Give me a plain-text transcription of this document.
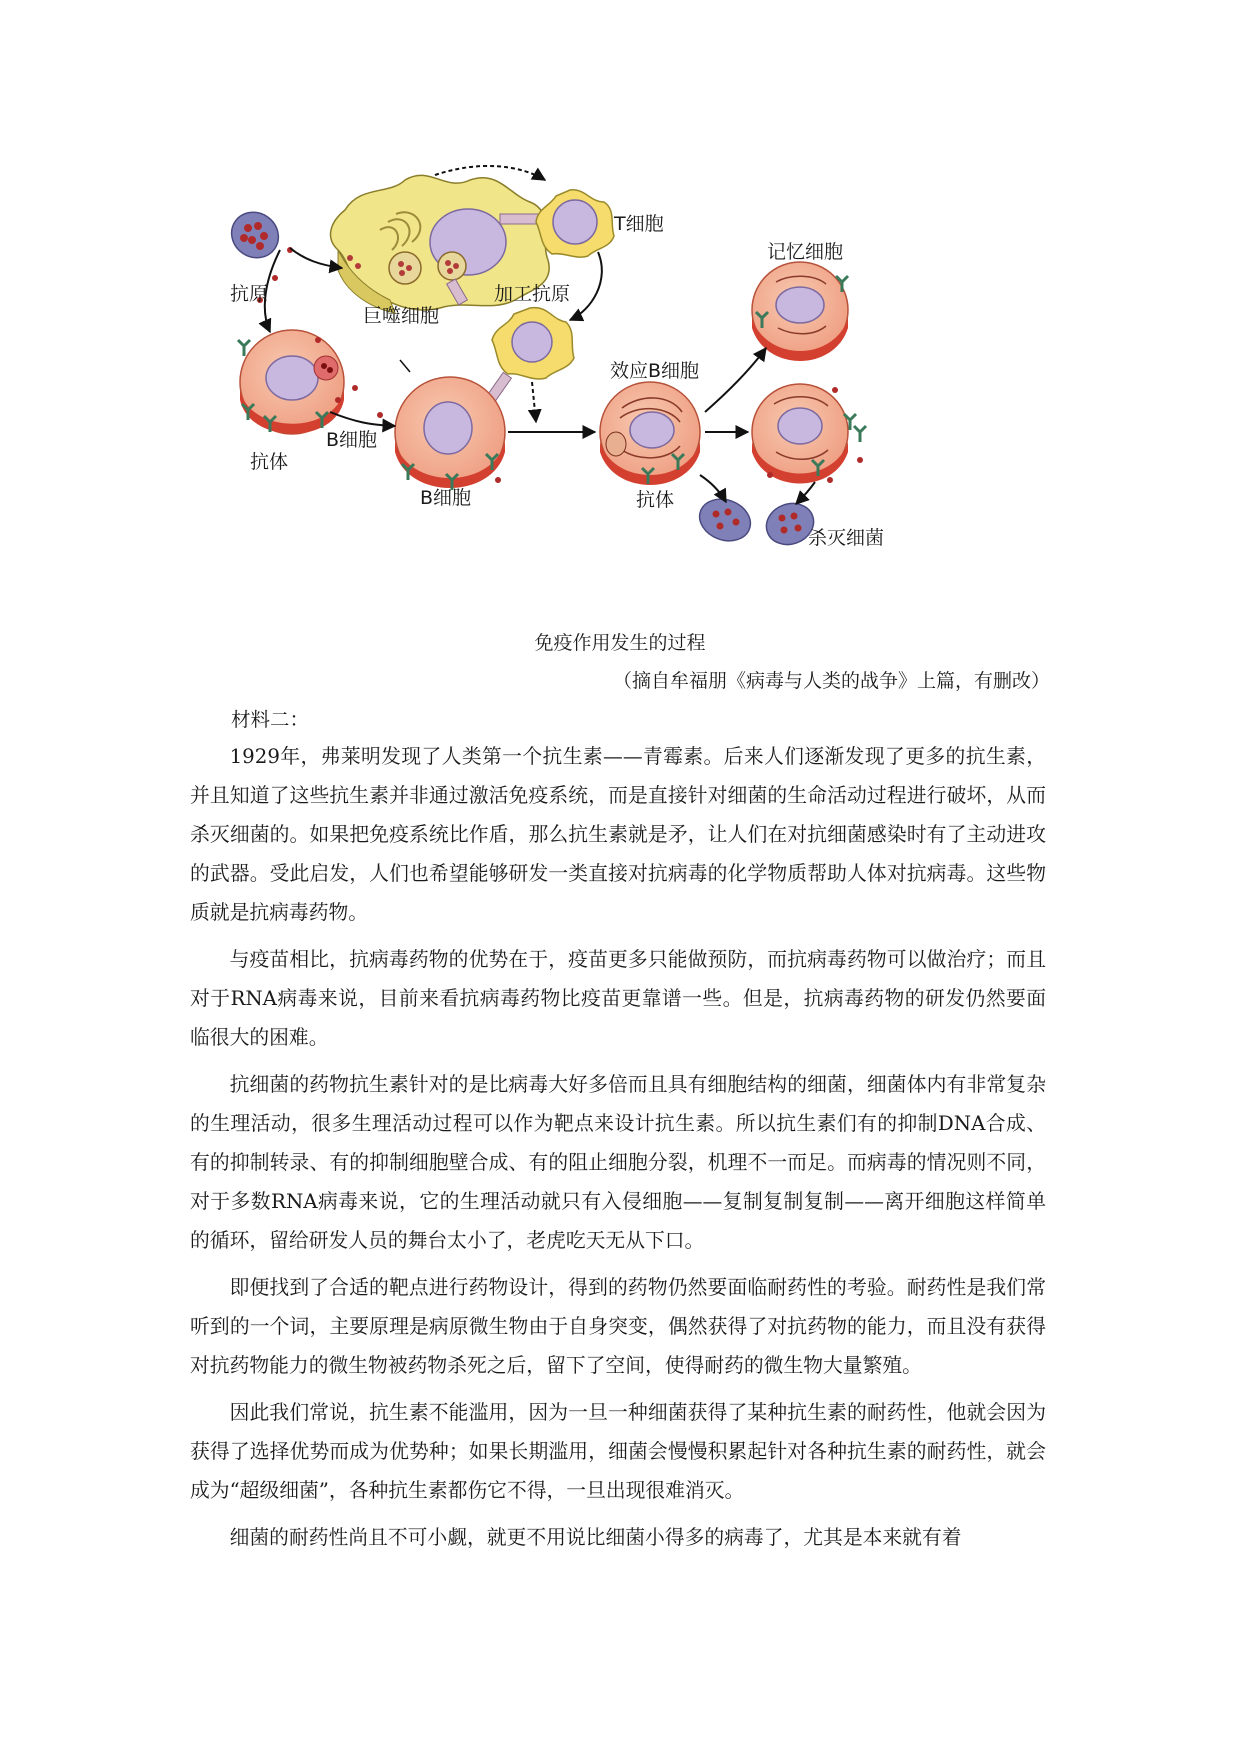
T细胞
抗原	加工抗原
巨噬细胞
记忆细胞
效应B细胞
B细胞
抗体
B细胞	抗体
杀灭细菌
免疫作用发生的过程
（摘自牟福朋《病毒与人类的战争》上篇，有删改）
材料二：

1929年，弗莱明发现了人类第一个抗生素——青霉素。后来人们逐渐发现了更多的抗生素，并且知道了这些抗生素并非通过激活免疫系统，而是直接针对细菌的生命活动过程进行破坏，从而杀灭细菌的。如果把免疫系统比作盾，那么抗生素就是矛，让人们在对抗细菌感染时有了主动进攻的武器。受此启发，人们也希望能够研发一类直接对抗病毒的化学物质帮助人体对抗病毒。这些物质就是抗病毒药物。

与疫苗相比，抗病毒药物的优势在于，疫苗更多只能做预防，而抗病毒药物可以做治疗；而且对于RNA病毒来说，目前来看抗病毒药物比疫苗更靠谱一些。但是，抗病毒药物的研发仍然要面临很大的困难。

抗细菌的药物抗生素针对的是比病毒大好多倍而且具有细胞结构的细菌，细菌体内有非常复杂的生理活动，很多生理活动过程可以作为靶点来设计抗生素。所以抗生素们有的抑制DNA合成、有的抑制转录、有的抑制细胞壁合成、有的阻止细胞分裂，机理不一而足。而病毒的情况则不同，对于多数RNA病毒来说，它的生理活动就只有入侵细胞——复制复制复制——离开细胞这样简单的循环，留给研发人员的舞台太小了，老虎吃天无从下口。

即便找到了合适的靶点进行药物设计，得到的药物仍然要面临耐药性的考验。耐药性是我们常听到的一个词，主要原理是病原微生物由于自身突变，偶然获得了对抗药物的能力，而且没有获得对抗药物能力的微生物被药物杀死之后，留下了空间，使得耐药的微生物大量繁殖。

因此我们常说，抗生素不能滥用，因为一旦一种细菌获得了某种抗生素的耐药性，他就会因为获得了选择优势而成为优势种；如果长期滥用，细菌会慢慢积累起针对各种抗生素的耐药性，就会成为“超级细菌”，各种抗生素都伤它不得，一旦出现很难消灭。

细菌的耐药性尚且不可小觑，就更不用说比细菌小得多的病毒了，尤其是本来就有着
